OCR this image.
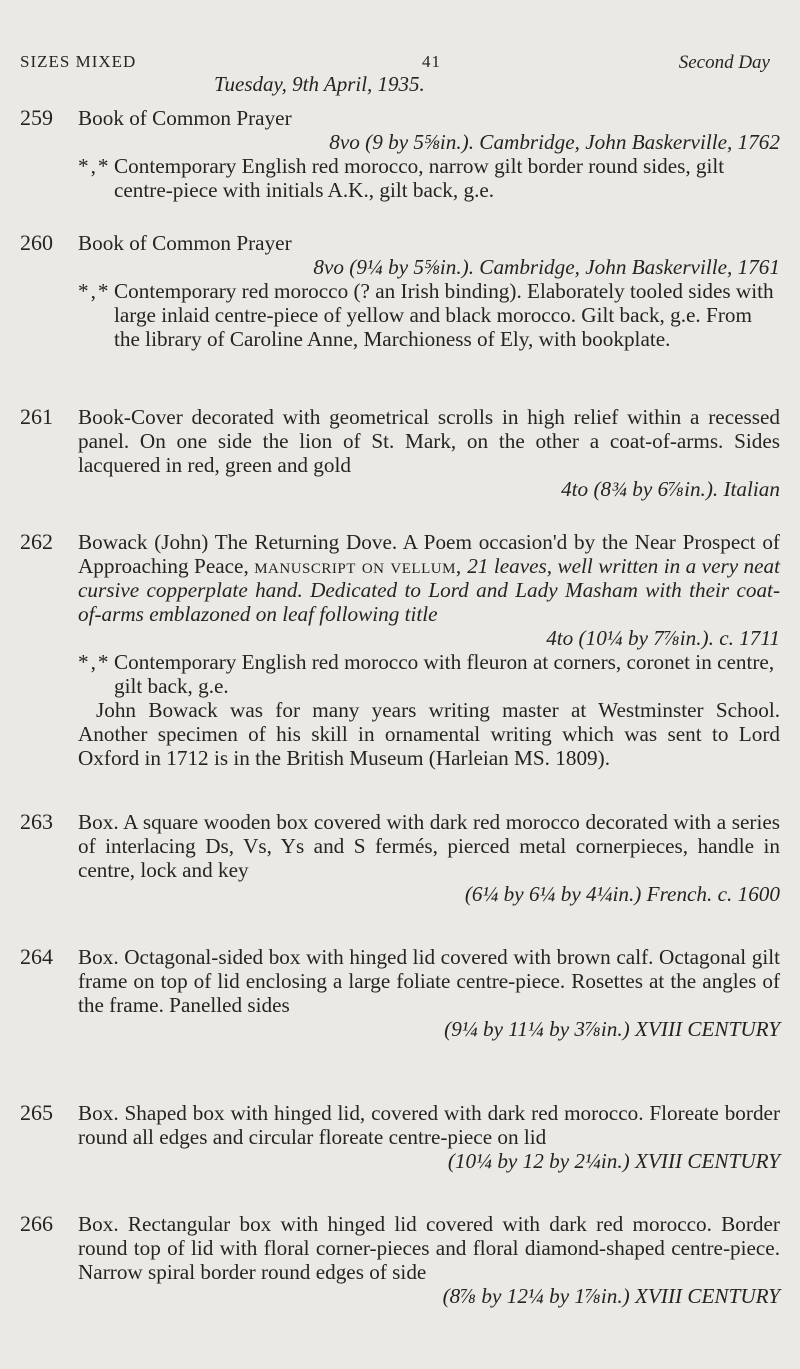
SIZES MIXED	41	Second Day
Tuesday, 9th April, 1935.
259 Book of Common Prayer

8vo (9 by 5⅝in.). Cambridge, John Baskerville, 1762

*,* Contemporary English red morocco, narrow gilt border round sides, gilt centre-piece with initials A.K., gilt back, g.e.

260 Book of Common Prayer

8vo (9¼ by 5⅝in.). Cambridge, John Baskerville, 1761

*,* Contemporary red morocco (? an Irish binding). Elaborately tooled sides with large inlaid centre-piece of yellow and black morocco. Gilt back, g.e. From the library of Caroline Anne, Marchioness of Ely, with bookplate.

261 Book-Cover decorated with geometrical scrolls in high relief within a recessed panel. On one side the lion of St. Mark, on the other a coat-of-arms. Sides lacquered in red, green and gold

4to (8¾ by 6⅞in.). Italian

262 Bowack (John) The Returning Dove. A Poem occasion'd by the Near Prospect of Approaching Peace, manuscript on vellum, 21 leaves, well written in a very neat cursive copperplate hand. Dedicated to Lord and Lady Masham with their coat-of-arms emblazoned on leaf following title

4to (10¼ by 7⅞in.). c. 1711

*,* Contemporary English red morocco with fleuron at corners, coronet in centre, gilt back, g.e.

John Bowack was for many years writing master at Westminster School. Another specimen of his skill in ornamental writing which was sent to Lord Oxford in 1712 is in the British Museum (Harleian MS. 1809).

263 Box. A square wooden box covered with dark red morocco decorated with a series of interlacing Ds, Vs, Ys and S fermés, pierced metal cornerpieces, handle in centre, lock and key

(6¼ by 6¼ by 4¼in.) French. c. 1600

264 Box. Octagonal-sided box with hinged lid covered with brown calf. Octagonal gilt frame on top of lid enclosing a large foliate centre-piece. Rosettes at the angles of the frame. Panelled sides

(9¼ by 11¼ by 3⅞in.) XVIII CENTURY

265 Box. Shaped box with hinged lid, covered with dark red morocco. Floreate border round all edges and circular floreate centre-piece on lid

(10¼ by 12 by 2¼in.) XVIII CENTURY

266 Box. Rectangular box with hinged lid covered with dark red morocco. Border round top of lid with floral corner-pieces and floral diamond-shaped centre-piece. Narrow spiral border round edges of side

(8⅞ by 12¼ by 1⅞in.) XVIII CENTURY
